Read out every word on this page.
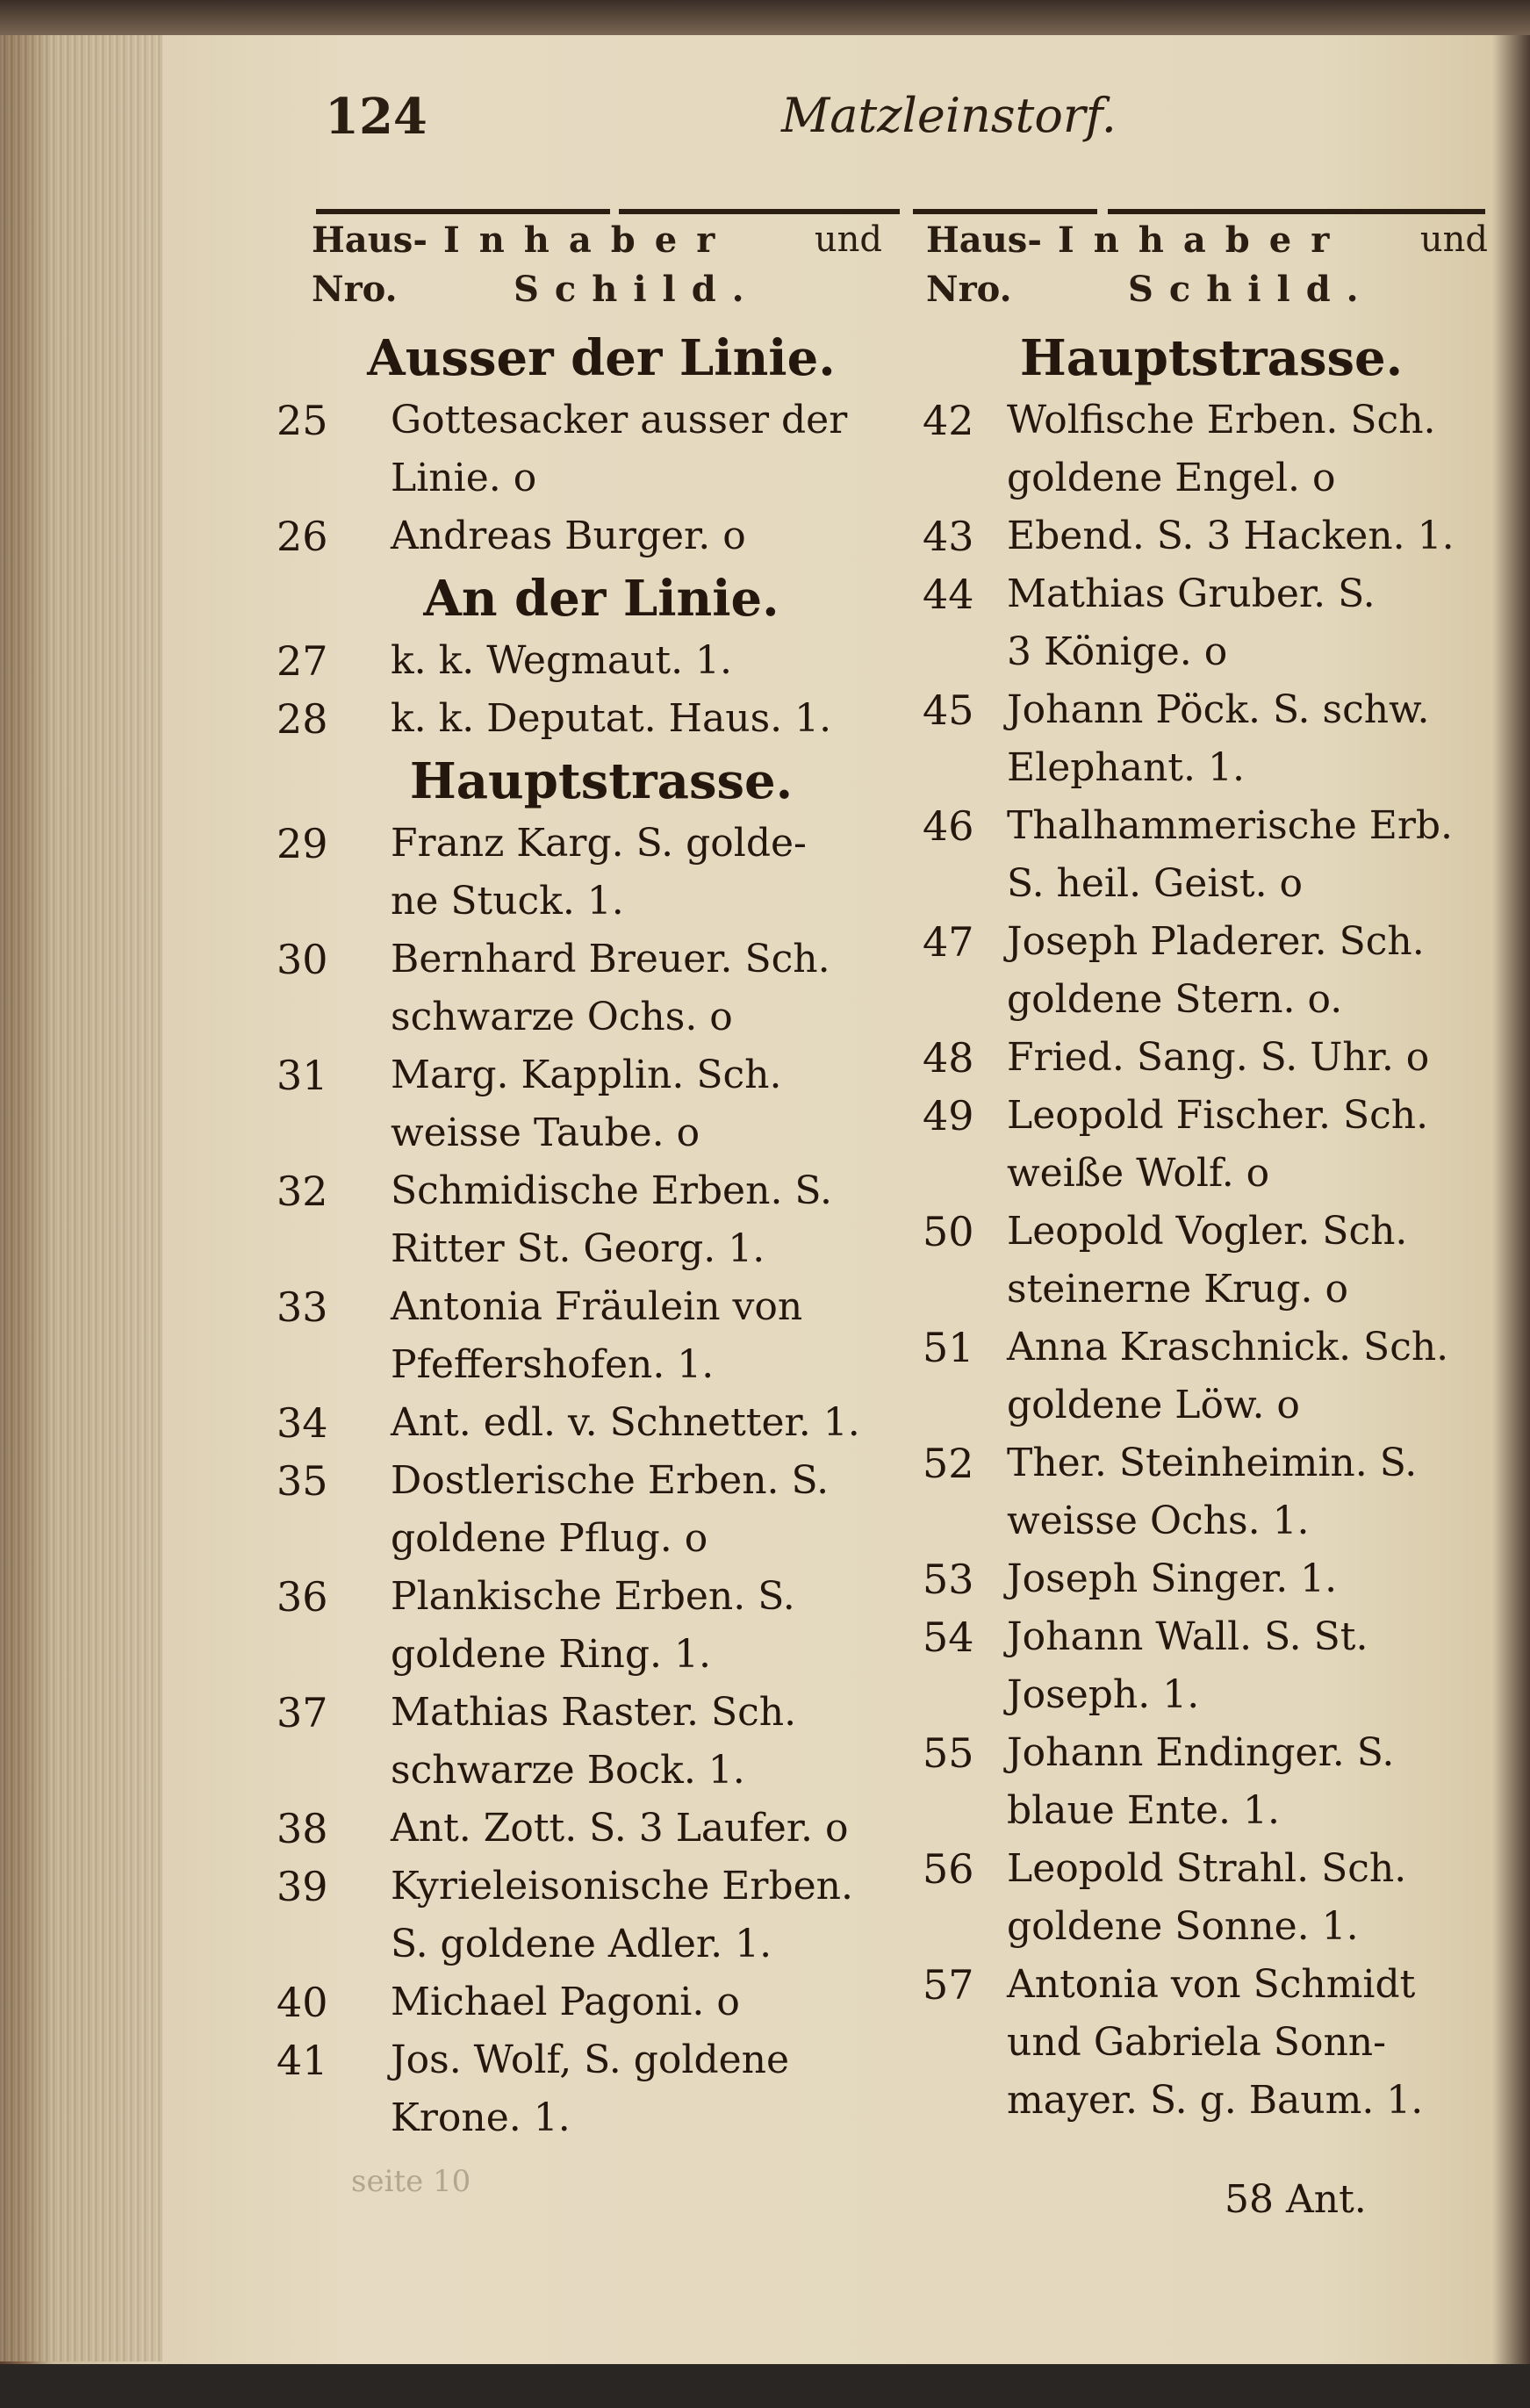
124	Matzleinstorf.
Haus- Inhaber und
Nro.	Schild.
Ausser der Linie.
25	Gottesacker ausser der
Linie. o
26	Andreas Burger. o
An der Linie.
27	k. k. Wegmaut. 1.
28	k. k. Deputat. Haus. 1.
Hauptstrasse.
29	Franz Karg. S. golde-
ne Stuck. 1.
30	Bernhard Breuer. Sch.
schwarze Ochs. o
31	Marg. Kapplin. Sch.
weisse Taube. o
32	Schmidische Erben. S.
Ritter St. Georg. 1.
33	Antonia Fräulein von
Pfeffershofen. 1.
34	Ant. edl. v. Schnetter. 1.
35	Dostlerische Erben. S.
goldene Pflug. o
36	Plankische Erben. S.
goldene Ring. 1.
37	Mathias Raster. Sch.
schwarze Bock. 1.
38	Ant. Zott. S. 3 Laufer. o
39	Kyrieleisonische Erben.
S. goldene Adler. 1.
40	Michael Pagoni. o
41	Jos. Wolf, S. goldene
Krone. 1.
Haus- Inhaber und
Nro.	Schild.
Hauptstrasse.
42 Wolfische Erben. Sch.
goldene Engel. o
43 Ebend. S. 3 Hacken. 1.
44 Mathias Gruber. S.
3 Könige. o
45 Johann Pöck. S. schw.
Elephant. 1.
46 Thalhammerische Erb.
S. heil. Geist. o
47 Joseph Pladerer. Sch.
goldene Stern. o.
48 Fried. Sang. S. Uhr. o
49 Leopold Fischer. Sch.
weiße Wolf. o
50 Leopold Vogler. Sch.
steinerne Krug. o
51 Anna Kraschnick. Sch.
goldene Löw. o
52 Ther. Steinheimin. S.
weisse Ochs. 1.
53 Joseph Singer. 1.
54 Johann Wall. S. St.
Joseph. 1.
55 Johann Endinger. S.
blaue Ente. 1.
56 Leopold Strahl. Sch.
goldene Sonne. 1.
57 Antonia von Schmidt
und Gabriela Sonn-
mayer. S. g. Baum. 1.
seite 10	58 Ant.
